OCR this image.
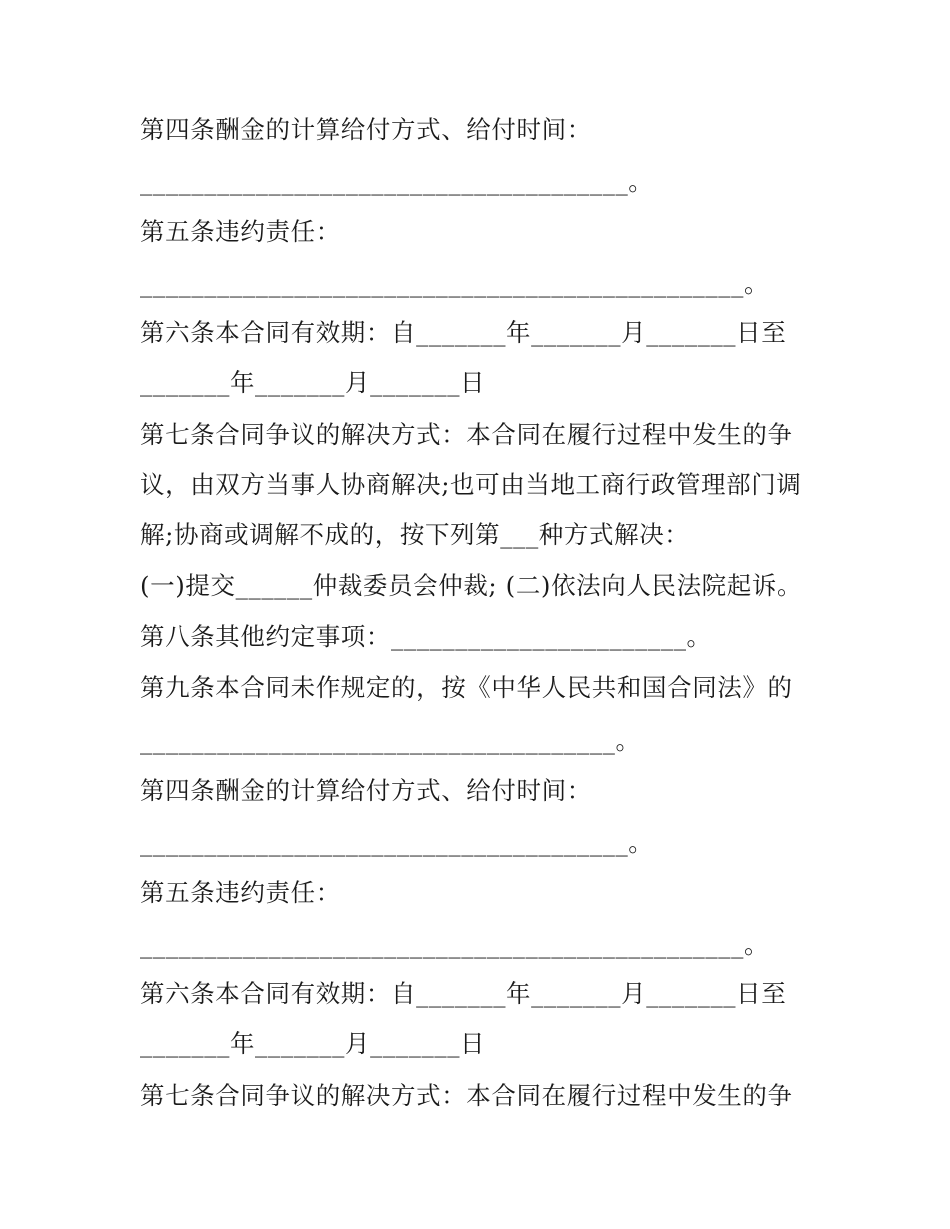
第四条酬金的计算给付方式、给付时间：
______________________________________。
第五条违约责任：
_______________________________________________。
第六条本合同有效期：自_______年_______月_______日至
_______年_______月_______日
第七条合同争议的解决方式：本合同在履行过程中发生的争
议，由双方当事人协商解决;也可由当地工商行政管理部门调
解;协商或调解不成的，按下列第___种方式解决：
(一)提交______仲裁委员会仲裁; (二)依法向人民法院起诉。
第八条其他约定事项：_______________________。
第九条本合同未作规定的，按《中华人民共和国合同法》的
_____________________________________。
第四条酬金的计算给付方式、给付时间：
______________________________________。
第五条违约责任：
_______________________________________________。
第六条本合同有效期：自_______年_______月_______日至
_______年_______月_______日
第七条合同争议的解决方式：本合同在履行过程中发生的争
